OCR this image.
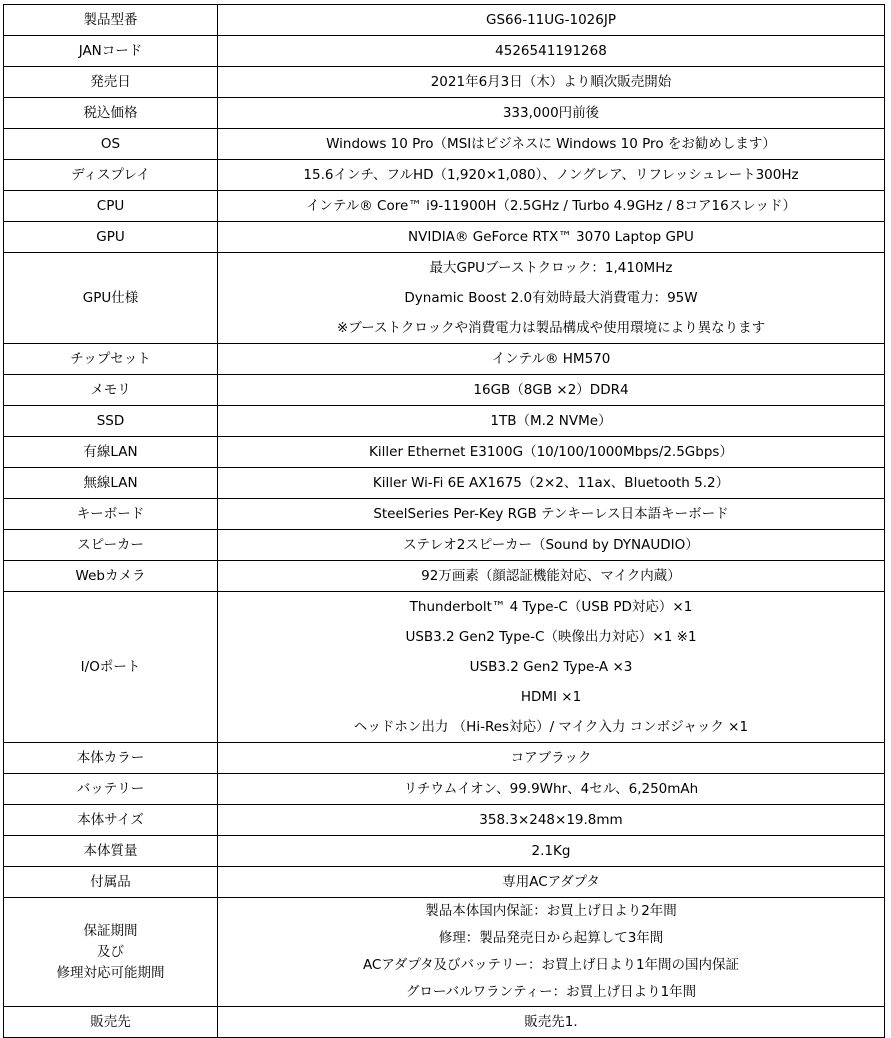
製品型番	GS66-11UG-1026JP

JANコード	4526541191268

発売日	2021年6月3日（木）より順次販売開始

税込価格	333,000円前後

OS	Windows 10 Pro（MSIはビジネスに Windows 10 Pro をお勧めします）

ディスプレイ	15.6インチ、フルHD（1,920×1,080）、ノングレア、リフレッシュレート300Hz

CPU	インテル® Core™ i9-11900H（2.5GHz / Turbo 4.9GHz / 8コア16スレッド）

GPU	NVIDIA® GeForce RTX™ 3070 Laptop GPU

GPU仕様	最大GPUブーストクロック：1,410MHz
Dynamic Boost 2.0有効時最大消費電力：95W
※ブーストクロックや消費電力は製品構成や使用環境により異なります

チップセット	インテル® HM570

メモリ	16GB（8GB ×2）DDR4

SSD	1TB（M.2 NVMe）

有線LAN	Killer Ethernet E3100G（10/100/1000Mbps/2.5Gbps）

無線LAN	Killer Wi-Fi 6E AX1675（2×2、11ax、Bluetooth 5.2）

キーボード	SteelSeries Per-Key RGB テンキーレス日本語キーボード

スピーカー	ステレオ2スピーカー（Sound by DYNAUDIO）

Webカメラ	92万画素（顔認証機能対応、マイク内蔵）

I/Oポート	Thunderbolt™ 4 Type-C（USB PD対応）×1
USB3.2 Gen2 Type-C（映像出力対応）×1 ※1
USB3.2 Gen2 Type-A ×3
HDMI ×1
ヘッドホン出力 （Hi-Res対応）/ マイク入力 コンボジャック ×1

本体カラー	コアブラック

バッテリー	リチウムイオン、99.9Whr、4セル、6,250mAh

本体サイズ	358.3×248×19.8mm

本体質量	2.1Kg

付属品	専用ACアダプタ

保証期間
及び
修理対応可能期間	製品本体国内保証：お買上げ日より2年間
修理：製品発売日から起算して3年間
ACアダプタ及びバッテリー：お買上げ日より1年間の国内保証
グローバルワランティー：お買上げ日より1年間

販売先	販売先1.
